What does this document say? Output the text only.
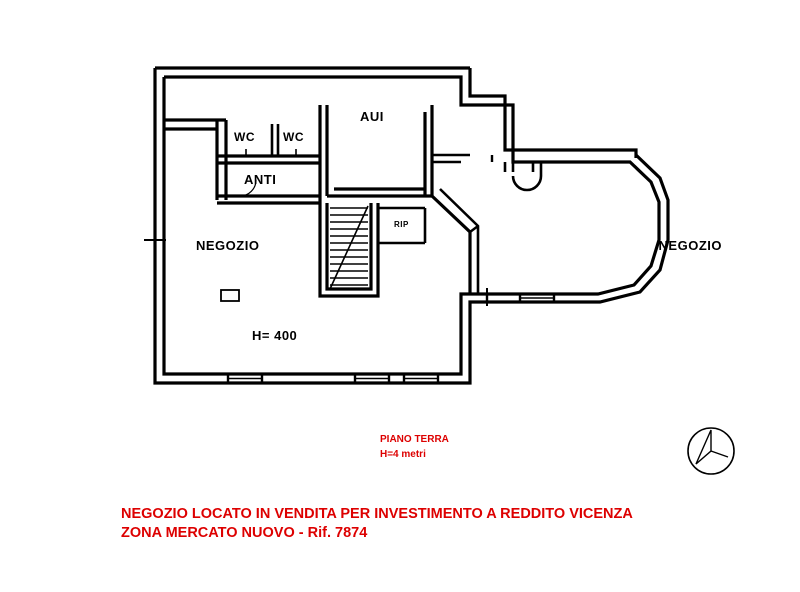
AUI
WC WC
ANTI
RIP
NEGOZIO	NEGOZIO
H= 400
PIANO TERRA
H=4 metri
NEGOZIO LOCATO IN VENDITA PER INVESTIMENTO A REDDITO VICENZA
ZONA MERCATO NUOVO - Rif. 7874
